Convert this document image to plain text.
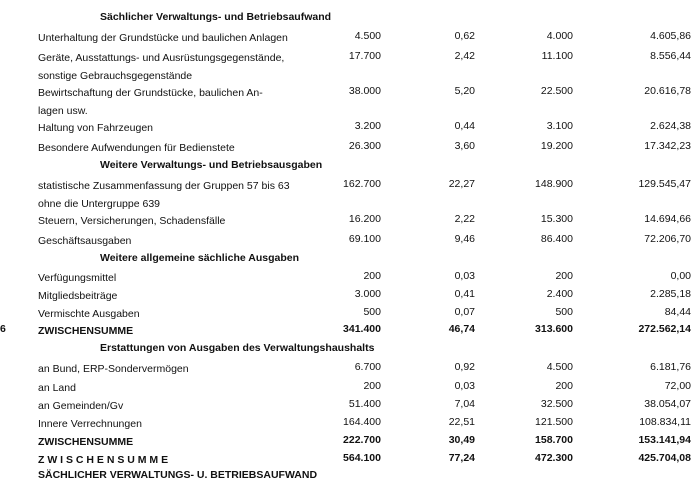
Sächlicher Verwaltungs- und Betriebsaufwand
Unterhaltung der Grundstücke und baulichen Anlagen	4.500	0,62	4.000	4.605,86
Geräte, Ausstattungs- und Ausrüstungsgegenstände,
sonstige Gebrauchsgegenstände
17.700	2,42	11.100	8.556,44
Bewirtschaftung der Grundstücke, baulichen An-
lagen usw.
38.000	5,20	22.500	20.616,78
Haltung von Fahrzeugen	3.200	0,44	3.100	2.624,38
Besondere Aufwendungen für Bedienstete	26.300	3,60	19.200	17.342,23
Weitere Verwaltungs- und Betriebsausgaben
statistische Zusammenfassung der Gruppen 57 bis 63
ohne die Untergruppe 639
162.700	22,27	148.900	129.545,47
Steuern, Versicherungen, Schadensfälle	16.200	2,22	15.300	14.694,66
Geschäftsausgaben	69.100	9,46	86.400	72.206,70
Weitere allgemeine sächliche Ausgaben
Verfügungsmittel	200	0,03	200	0,00
Mitgliedsbeiträge	3.000	0,41	2.400	2.285,18
Vermischte Ausgaben	500	0,07	500	84,44
6	ZWISCHENSUMME	341.400	46,74	313.600	272.562,14
Erstattungen von Ausgaben des Verwaltungshaushalts
an Bund, ERP-Sondervermögen	6.700	0,92	4.500	6.181,76
an Land	200	0,03	200	72,00
an Gemeinden/Gv	51.400	7,04	32.500	38.054,07
Innere Verrechnungen	164.400	22,51	121.500	108.834,11
ZWISCHENSUMME	222.700	30,49	158.700	153.141,94
Z W I S C H E N S U M M E
SÄCHLICHER VERWALTUNGS- U. BETRIEBSAUFWAND
564.100	77,24	472.300	425.704,08
